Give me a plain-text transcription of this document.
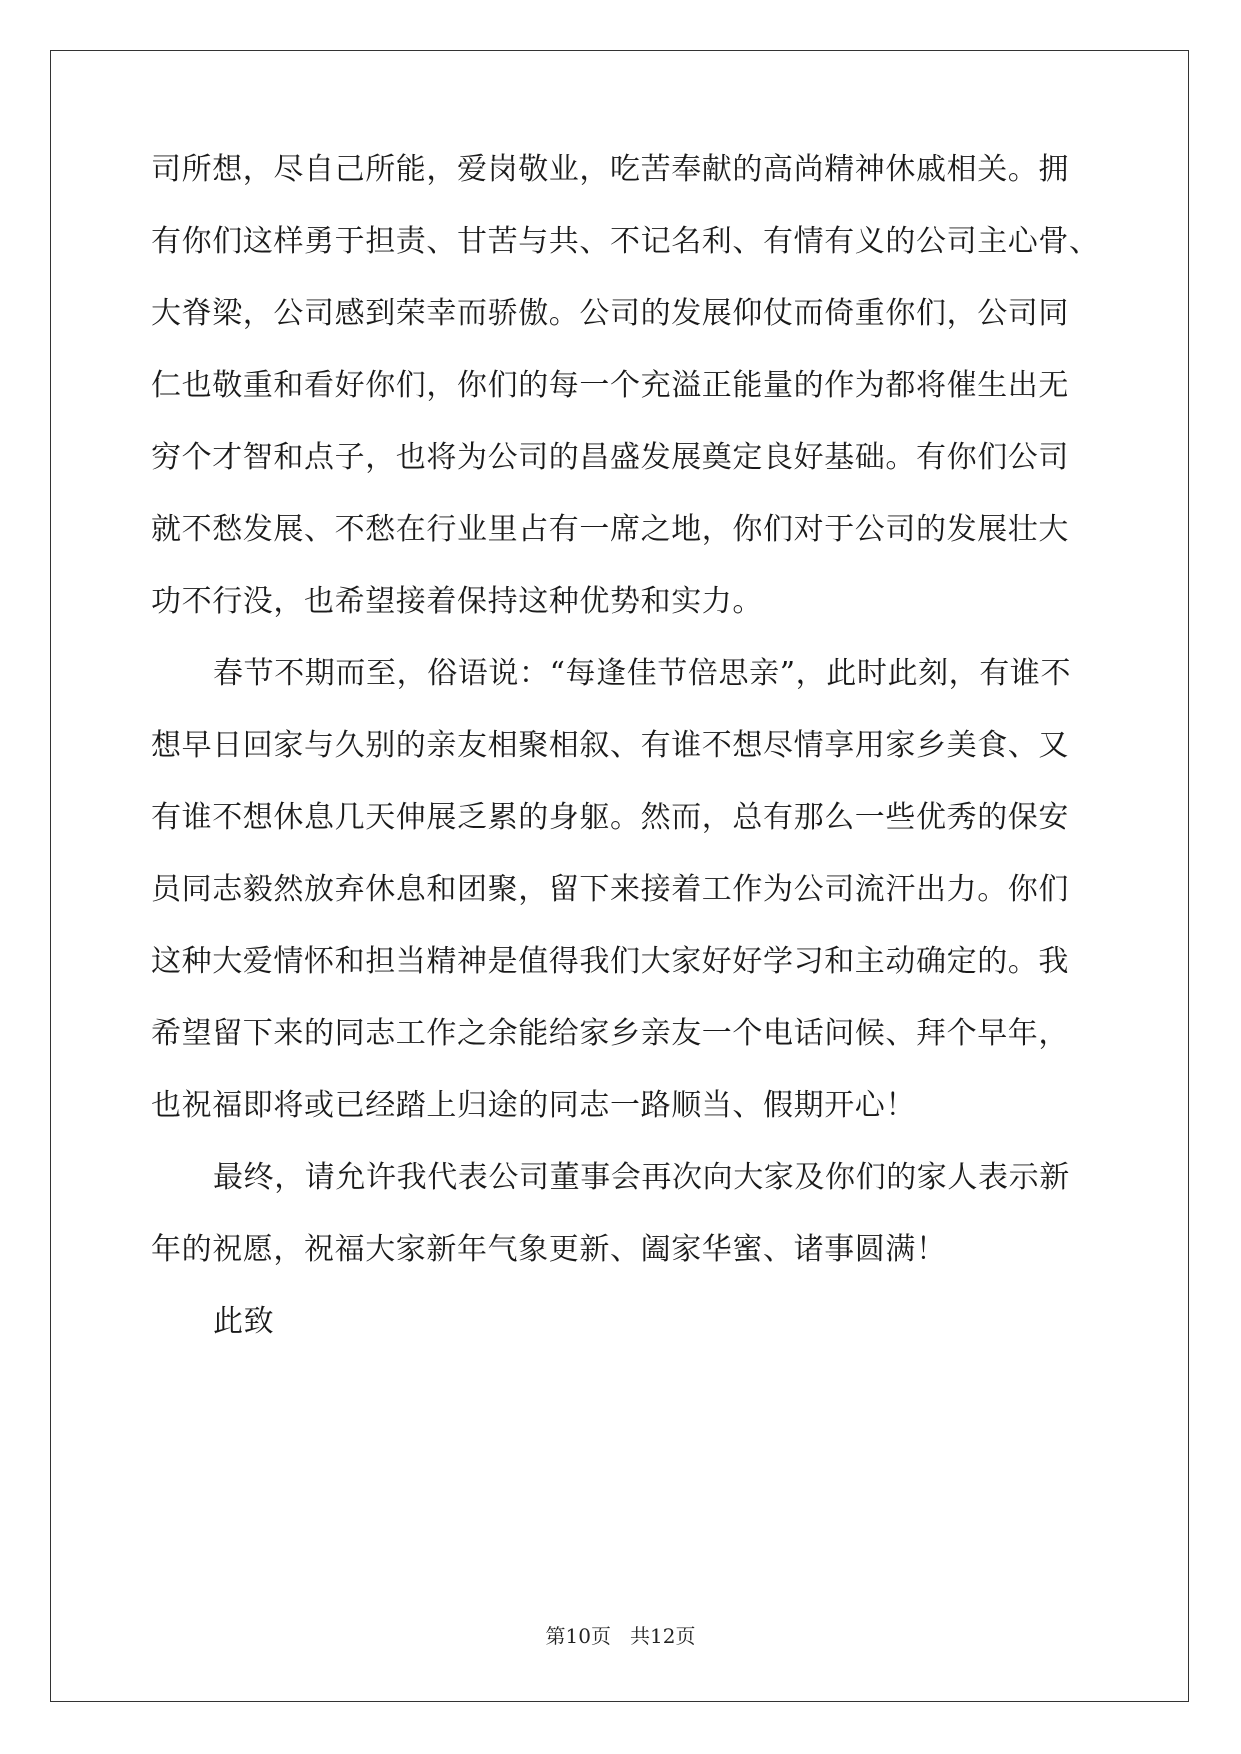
司所想，尽自己所能，爱岗敬业，吃苦奉献的高尚精神休戚相关。拥
有你们这样勇于担责、甘苦与共、不记名利、有情有义的公司主心骨、
大脊梁，公司感到荣幸而骄傲。公司的发展仰仗而倚重你们，公司同
仁也敬重和看好你们，你们的每一个充溢正能量的作为都将催生出无
穷个才智和点子，也将为公司的昌盛发展奠定良好基础。有你们公司
就不愁发展、不愁在行业里占有一席之地，你们对于公司的发展壮大
功不行没，也希望接着保持这种优势和实力。
春节不期而至，俗语说：“每逢佳节倍思亲”，此时此刻，有谁不
想早日回家与久别的亲友相聚相叙、有谁不想尽情享用家乡美食、又
有谁不想休息几天伸展乏累的身躯。然而，总有那么一些优秀的保安
员同志毅然放弃休息和团聚，留下来接着工作为公司流汗出力。你们
这种大爱情怀和担当精神是值得我们大家好好学习和主动确定的。我
希望留下来的同志工作之余能给家乡亲友一个电话问候、拜个早年，
也祝福即将或已经踏上归途的同志一路顺当、假期开心！
最终，请允许我代表公司董事会再次向大家及你们的家人表示新
年的祝愿，祝福大家新年气象更新、阖家华蜜、诸事圆满！
此致
第10页 共12页
